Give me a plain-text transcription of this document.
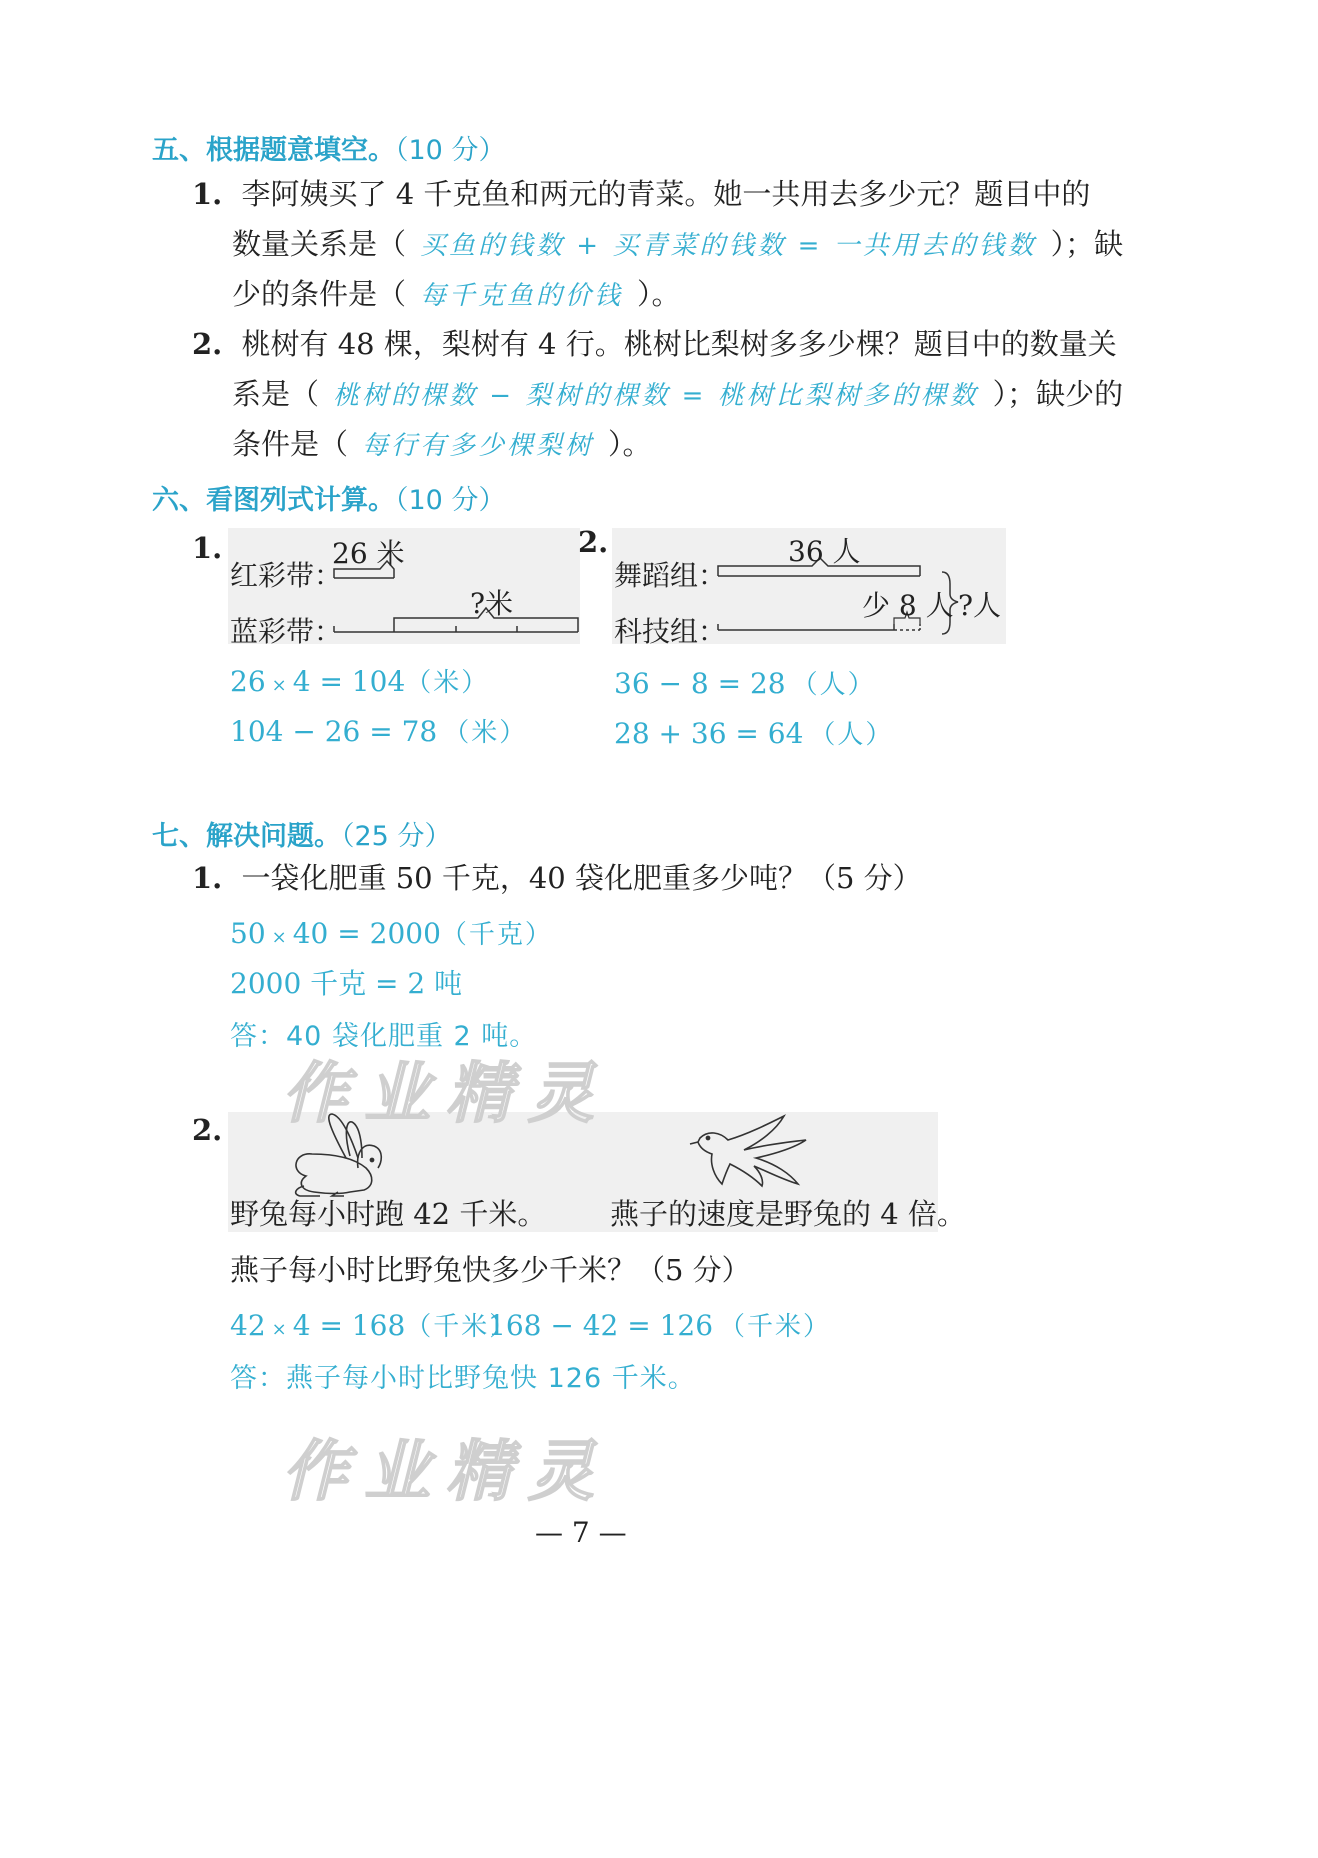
五、根据题意填空。（10 分）
1. 李阿姨买了 4 千克鱼和两元的青菜。她一共用去多少元？题目中的
数量关系是（ 买鱼的钱数 + 买青菜的钱数 = 一共用去的钱数 ）；缺
少的条件是（ 每千克鱼的价钱 ）。
2. 桃树有 48 棵，梨树有 4 行。桃树比梨树多多少棵？题目中的数量关
系是（ 桃树的棵数 − 梨树的棵数 = 桃树比梨树多的棵数 ）；缺少的
条件是（ 每行有多少棵梨树 ）。
六、看图列式计算。（10 分）
1.	26 米
红彩带：
?米
蓝彩带：
2.	36 人
舞蹈组：
少 8 人 ?人
科技组：
26 × 4 = 104（米）
104 − 26 = 78 （米）
36 − 8 = 28 （人）
28 + 36 = 64 （人）
七、解决问题。（25 分）
1. 一袋化肥重 50 千克，40 袋化肥重多少吨？（5 分）
50 × 40 = 2000（千克）
2000 千克 = 2 吨
答：40 袋化肥重 2 吨。
2.
野兔每小时跑 42 千米。 燕子的速度是野兔的 4 倍。
燕子每小时比野兔快多少千米？（5 分）
42 × 4 = 168（千米）
168 − 42 = 126 （千米）
答：燕子每小时比野兔快 126 千米。
作业精灵
作业精灵
— 7 —
